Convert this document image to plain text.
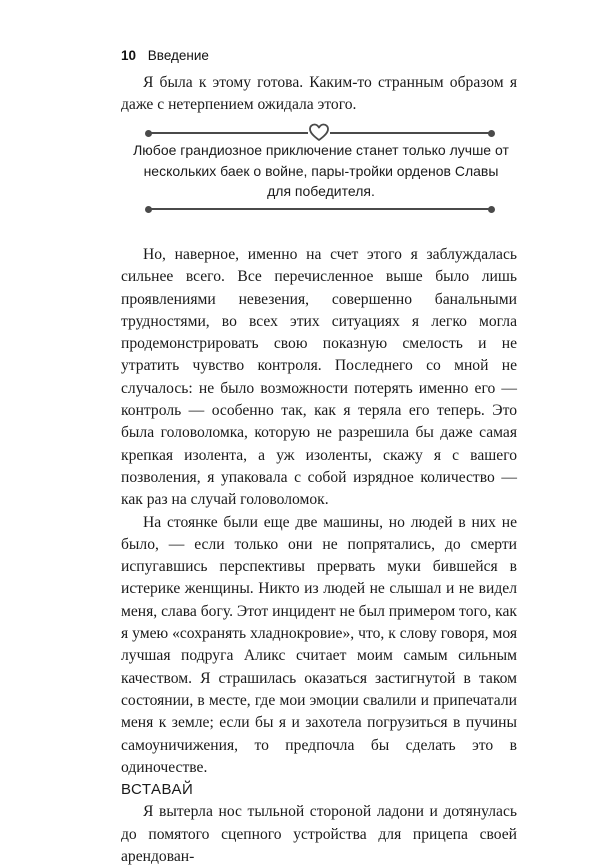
10 Введение

Я была к этому готова. Каким-то странным образом я даже с нетерпением ожидала этого.

Любое грандиозное приключение станет только лучше от нескольких баек о войне, пары-тройки орденов Славы для победителя.

Но, наверное, именно на счет этого я заблуждалась сильнее всего. Все перечисленное выше было лишь проявлениями невезения, совершенно банальными трудностями, во всех этих ситуациях я легко могла продемонстрировать свою показную смелость и не утратить чувство контроля. Последнего со мной не случалось: не было возможности потерять именно его — контроль — особенно так, как я теряла его теперь. Это была головоломка, которую не разрешила бы даже самая крепкая изолента, а уж изоленты, скажу я с вашего позволения, я упаковала с собой изрядное количество — как раз на случай головоломок.

На стоянке были еще две машины, но людей в них не было, — если только они не попрятались, до смерти испугавшись перспективы прервать муки бившейся в истерике женщины. Никто из людей не слышал и не видел меня, слава богу. Этот инцидент не был примером того, как я умею «сохранять хладнокровие», что, к слову говоря, моя лучшая подруга Аликс считает моим самым сильным качеством. Я страшилась оказаться застигнутой в таком состоянии, в месте, где мои эмоции свалили и припечатали меня к земле; если бы я и захотела погрузиться в пучины самоуничижения, то предпочла бы сделать это в одиночестве.

ВСТАВАЙ

Я вытерла нос тыльной стороной ладони и дотянулась до помятого сцепного устройства для прицепа своей арендован-
